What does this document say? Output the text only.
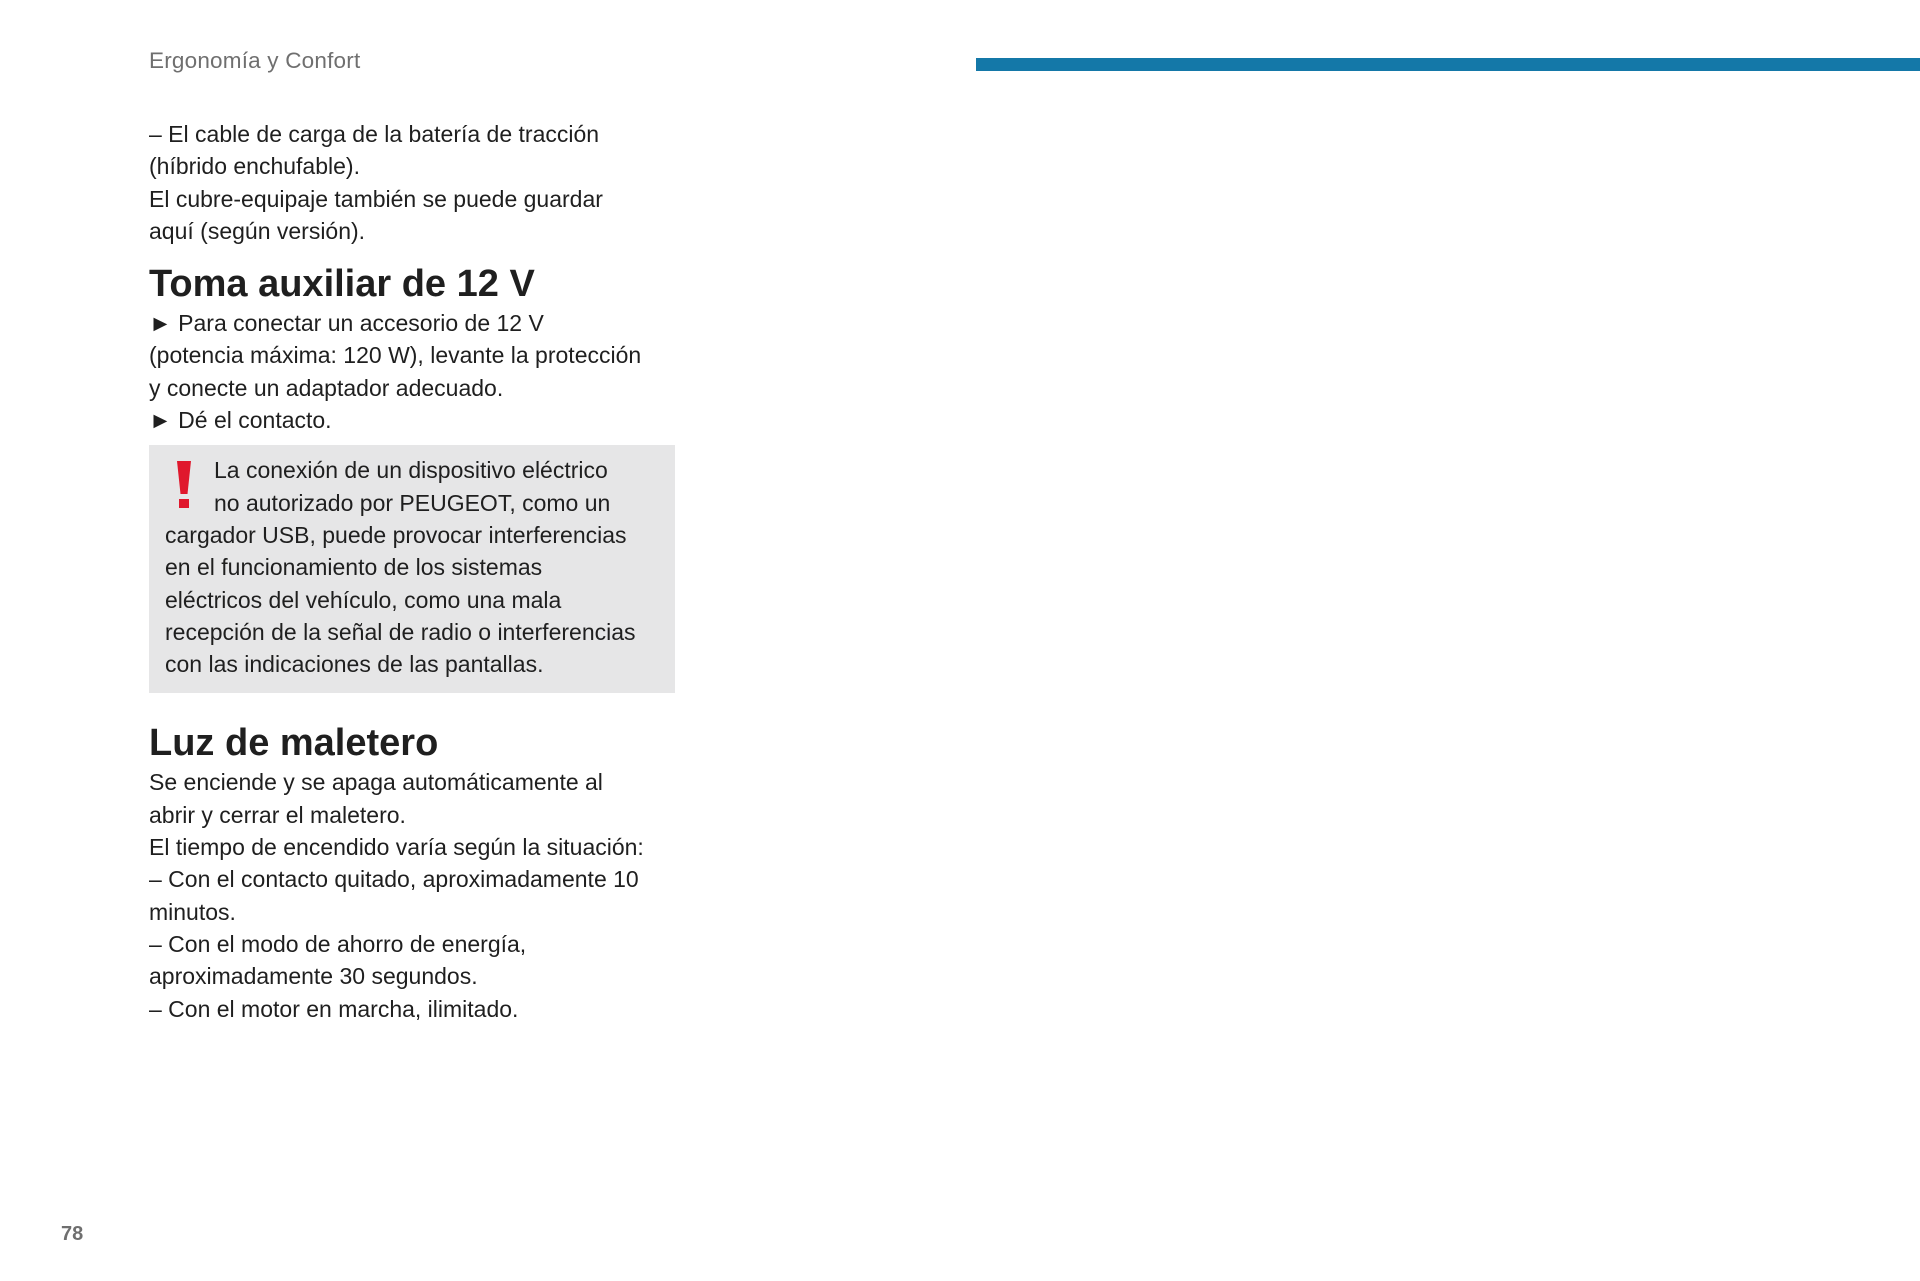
Ergonomía y Confort
– El cable de carga de la batería de tracción
(híbrido enchufable).
El cubre-equipaje también se puede guardar
aquí (según versión).
Toma auxiliar de 12 V
► Para conectar un accesorio de 12 V
(potencia máxima: 120 W), levante la protección
y conecte un adaptador adecuado.
► Dé el contacto.
La conexión de un dispositivo eléctrico
no autorizado por PEUGEOT, como un
cargador USB, puede provocar interferencias
en el funcionamiento de los sistemas
eléctricos del vehículo, como una mala
recepción de la señal de radio o interferencias
con las indicaciones de las pantallas.
Luz de maletero
Se enciende y se apaga automáticamente al
abrir y cerrar el maletero.
El tiempo de encendido varía según la situación:
– Con el contacto quitado, aproximadamente 10
minutos.
– Con el modo de ahorro de energía,
aproximadamente 30 segundos.
– Con el motor en marcha, ilimitado.
78
